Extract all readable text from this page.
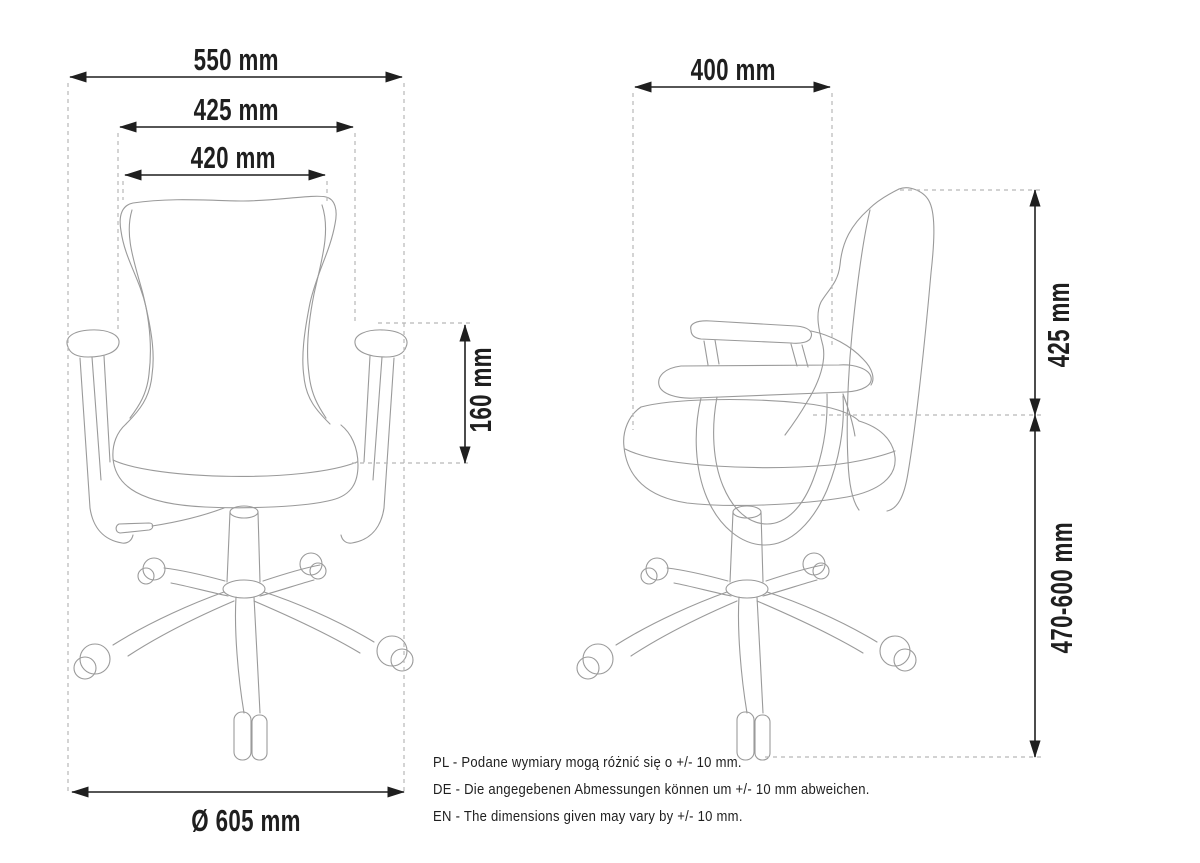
550 mm
425 mm
420 mm
160 mm
Ø 605 mm
400 mm
425 mm
470-600 mm
PL - Podane wymiary mogą różnić się o +/- 10 mm.
DE - Die angegebenen Abmessungen können um +/- 10 mm abweichen.
EN - The dimensions given may vary by +/- 10 mm.
